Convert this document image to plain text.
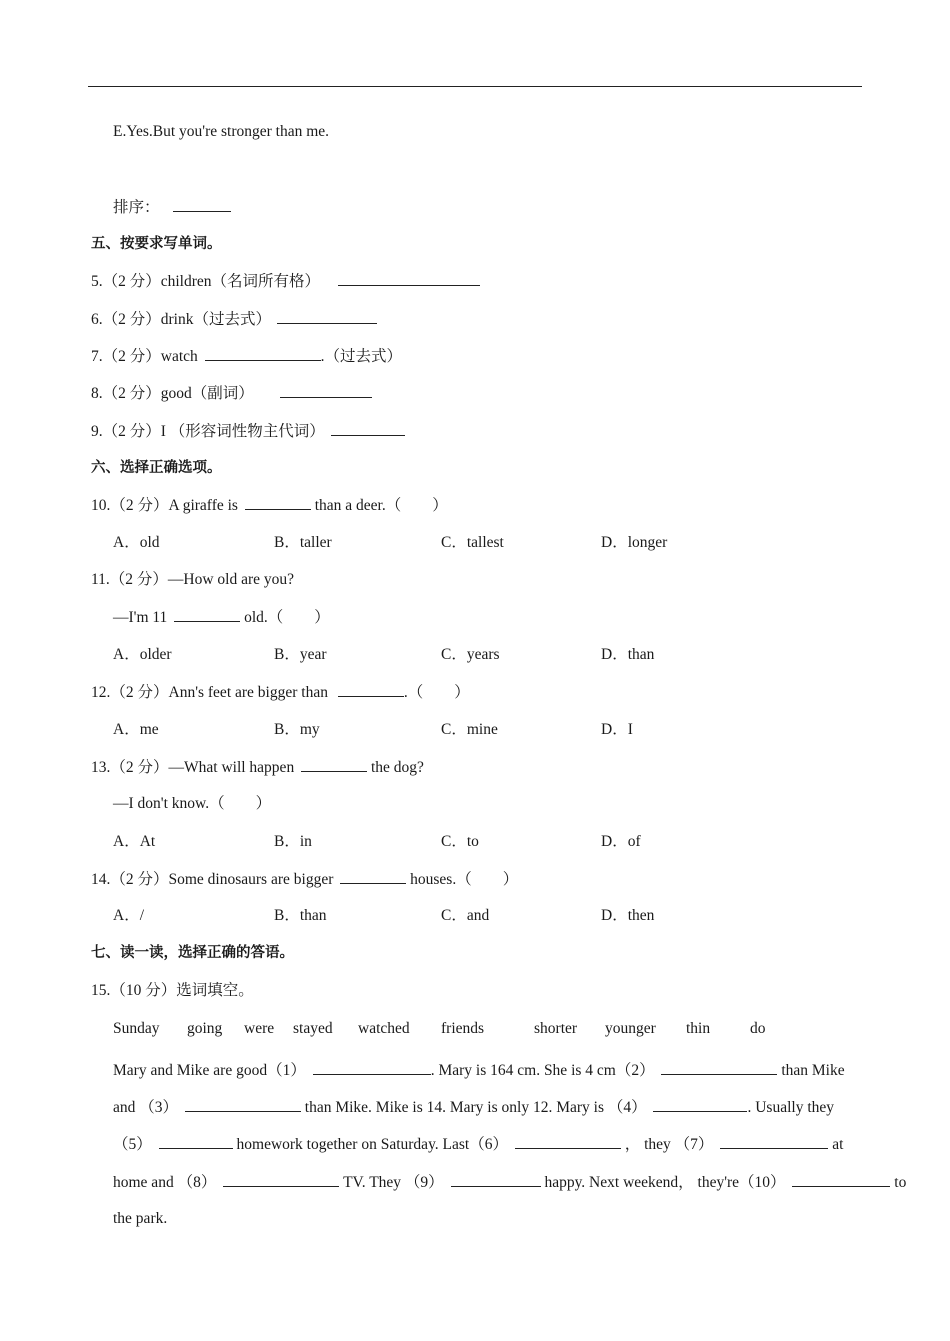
E.Yes.But you're stronger than me.
排序：
五、按要求写单词。
5.（2 分）children（名词所有格）
6.（2 分）drink（过去式）
7.（2 分）watch	.（过去式）
8.（2 分）good（副词）
9.（2 分）I （形容词性物主代词）
六、选择正确选项。
10.（2 分）A giraffe is	than a deer.（　　）
A．old	B．taller	C．tallest	D．longer
11.（2 分）—How old are you?
—I'm 11	old.（　　）
A．older	B．year	C．years	D．than
12.（2 分）Ann's feet are bigger than	.（　　）
A．me	B．my	C．mine	D．I
13.（2 分）—What will happen	the dog?
—I don't know.（　　）
A．At	B．in	C．to	D．of
14.（2 分）Some dinosaurs are bigger	houses.（　　）
A．/	B．than	C．and	D．then
七、读一读，选择正确的答语。
15.（10 分）选词填空。
Sunday going were stayed watched friends	shorter younger thin	do
Mary and Mike are good（1）	. Mary is 164 cm. She is 4 cm（2）	than Mike
and （3）	than Mike. Mike is 14. Mary is only 12. Mary is （4）	. Usually they
（5）	homework together on Saturday. Last（6）	， they （7）	at
home and （8）	TV. They （9）	happy. Next weekend， they're（10）	to
the park.
